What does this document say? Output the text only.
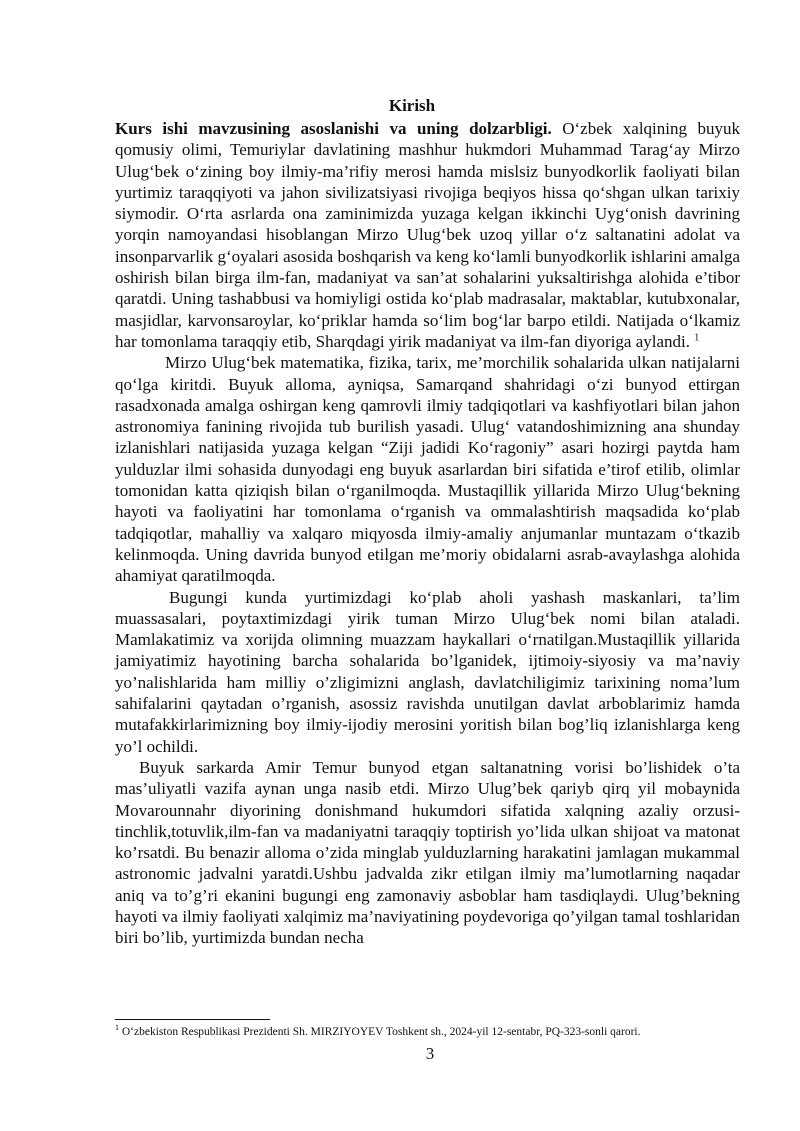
Kirish

Kurs ishi mavzusining asoslanishi va uning dolzarbligi. O‘zbek xalqining buyuk qomusiy olimi, Temuriylar davlatining mashhur hukmdori Muhammad Tarag‘ay Mirzo Ulug‘bek o‘zining boy ilmiy-ma’rifiy merosi hamda mislsiz bunyodkorlik faoliyati bilan yurtimiz taraqqiyoti va jahon sivilizatsiyasi rivojiga beqiyos hissa qo‘shgan ulkan tarixiy siymodir. O‘rta asrlarda ona zaminimizda yuzaga kelgan ikkinchi Uyg‘onish davrining yorqin namoyandasi hisoblangan Mirzo Ulug‘bek uzoq yillar o‘z saltanatini adolat va insonparvarlik g‘oyalari asosida boshqarish va keng ko‘lamli bunyodkorlik ishlarini amalga oshirish bilan birga ilm-fan, madaniyat va san’at sohalarini yuksaltirishga alohida e’tibor qaratdi. Uning tashabbusi va homiyligi ostida ko‘plab madrasalar, maktablar, kutubxonalar, masjidlar, karvonsaroylar, ko‘priklar hamda so‘lim bog‘lar barpo etildi. Natijada o‘lkamiz har tomonlama taraqqiy etib, Sharqdagi yirik madaniyat va ilm-fan diyoriga aylandi. $^1$

Mirzo Ulug‘bek matematika, fizika, tarix, me’morchilik sohalarida ulkan natijalarni qo‘lga kiritdi. Buyuk alloma, ayniqsa, Samarqand shahridagi o‘zi bunyod ettirgan rasadxonada amalga oshirgan keng qamrovli ilmiy tadqiqotlari va kashfiyotlari bilan jahon astronomiya fanining rivojida tub burilish yasadi. Ulug‘ vatandoshimizning ana shunday izlanishlari natijasida yuzaga kelgan “Ziji jadidi Ko‘ragoniy” asari hozirgi paytda ham yulduzlar ilmi sohasida dunyodagi eng buyuk asarlardan biri sifatida e’tirof etilib, olimlar tomonidan katta qiziqish bilan o‘rganilmoqda. Mustaqillik yillarida Mirzo Ulug‘bekning hayoti va faoliyatini har tomonlama o‘rganish va ommalashtirish maqsadida ko‘plab tadqiqotlar, mahalliy va xalqaro miqyosda ilmiy-amaliy anjumanlar muntazam o‘tkazib kelinmoqda. Uning davrida bunyod etilgan me’moriy obidalarni asrab-avaylashga alohida ahamiyat qaratilmoqda.

Bugungi kunda yurtimizdagi ko‘plab aholi yashash maskanlari, ta’lim muassasalari, poytaxtimizdagi yirik tuman Mirzo Ulug‘bek nomi bilan ataladi. Mamlakatimiz va xorijda olimning muazzam haykallari o‘rnatilgan.Mustaqillik yillarida jamiyatimiz hayotining barcha sohalarida bo’lganidek, ijtimoiy-siyosiy va ma’naviy yo’nalishlarida ham milliy o’zligimizni anglash, davlatchiligimiz tarixining noma’lum sahifalarini qaytadan o’rganish, asossiz ravishda unutilgan davlat arboblarimiz hamda mutafakkirlarimizning boy ilmiy-ijodiy merosini yoritish bilan bog’liq izlanishlarga keng yo’l ochildi.

Buyuk sarkarda Amir Temur bunyod etgan saltanatning vorisi bo’lishidek o’ta mas’uliyatli vazifa aynan unga nasib etdi. Mirzo Ulug’bek qariyb qirq yil mobaynida Movarounnahr diyorining donishmand hukumdori sifatida xalqning azaliy orzusi-tinchlik,totuvlik,ilm-fan va madaniyatni taraqqiy toptirish yo’lida ulkan shijoat va matonat ko’rsatdi. Bu benazir alloma o’zida minglab yulduzlarning harakatini jamlagan mukammal astronomic jadvalni yaratdi.Ushbu jadvalda zikr etilgan ilmiy ma’lumotlarning naqadar aniq va to’g’ri ekanini bugungi eng zamonaviy asboblar ham tasdiqlaydi. Ulug’bekning hayoti va ilmiy faoliyati xalqimiz ma’naviyatining poydevoriga qo’yilgan tamal toshlaridan biri bo’lib, yurtimizda bundan necha

$^1$ O‘zbekiston Respublikasi Prezidenti Sh. MIRZIYOYEV Toshkent sh., 2024-yil 12-sentabr, PQ-323-sonli qarori.
3
